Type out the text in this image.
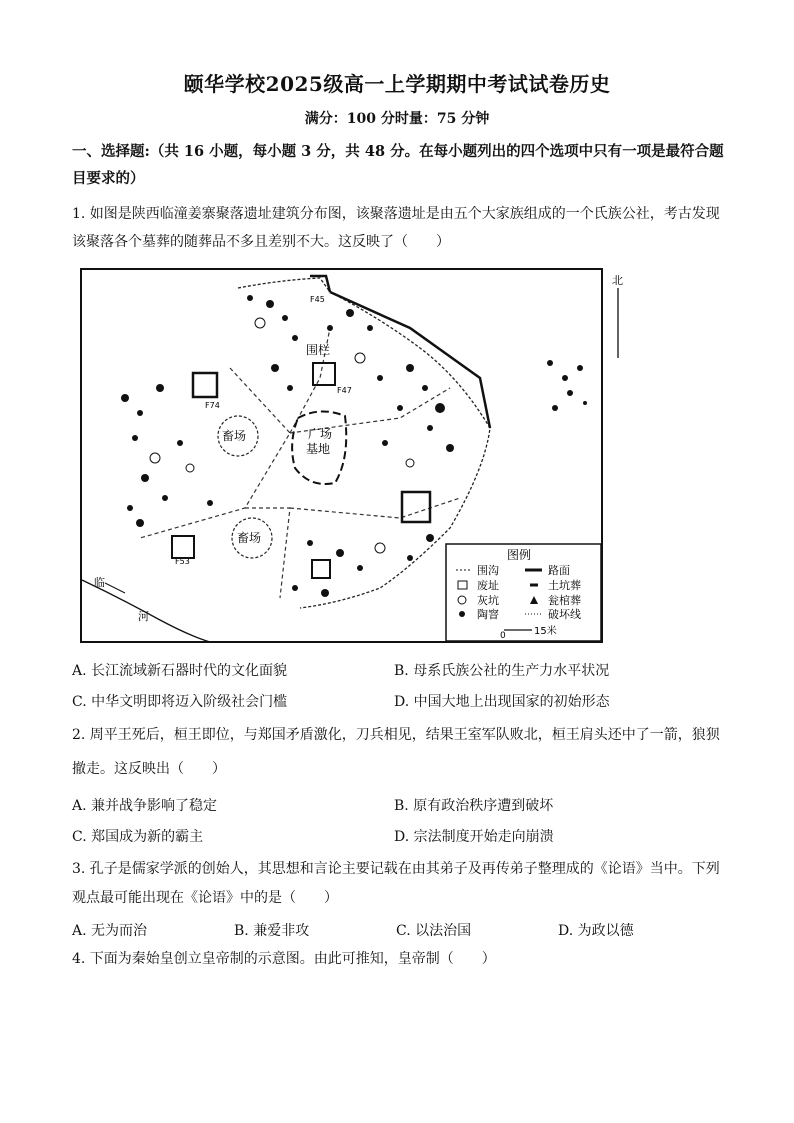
颐华学校2025级高一上学期期中考试试卷历史
满分：100 分时量：75 分钟
一、选择题:（共 16 小题，每小题 3 分，共 48 分。在每小题列出的四个选项中只有一项是最符合题目要求的）
1. 如图是陕西临潼姜寨聚落遗址建筑分布图，该聚落遗址是由五个大家族组成的一个氏族公社，考古发现该聚落各个墓葬的随葬品不多且差别不大。这反映了（　　）
北
广场
基地
畜场
畜场
围栏
F45
F47
F74
F53
临
河
图例
围沟
废址
灰坑
陶窨
路面
土坑葬
瓮棺葬
破坏线
0	15米
A. 长江流域新石器时代的文化面貌	B. 母系氏族公社的生产力水平状况
C. 中华文明即将迈入阶级社会门槛	D. 中国大地上出现国家的初始形态
2. 周平王死后，桓王即位，与郑国矛盾激化，刀兵相见，结果王室军队败北，桓王肩头还中了一箭，狼狈撤走。这反映出（　　）
A. 兼并战争影响了稳定	B. 原有政治秩序遭到破坏
C. 郑国成为新的霸主	D. 宗法制度开始走向崩溃
3. 孔子是儒家学派的创始人，其思想和言论主要记载在由其弟子及再传弟子整理成的《论语》当中。下列观点最可能出现在《论语》中的是（　　）
A. 无为而治	B. 兼爱非攻	C. 以法治国	D. 为政以德
4. 下面为秦始皇创立皇帝制的示意图。由此可推知，皇帝制（　　）
